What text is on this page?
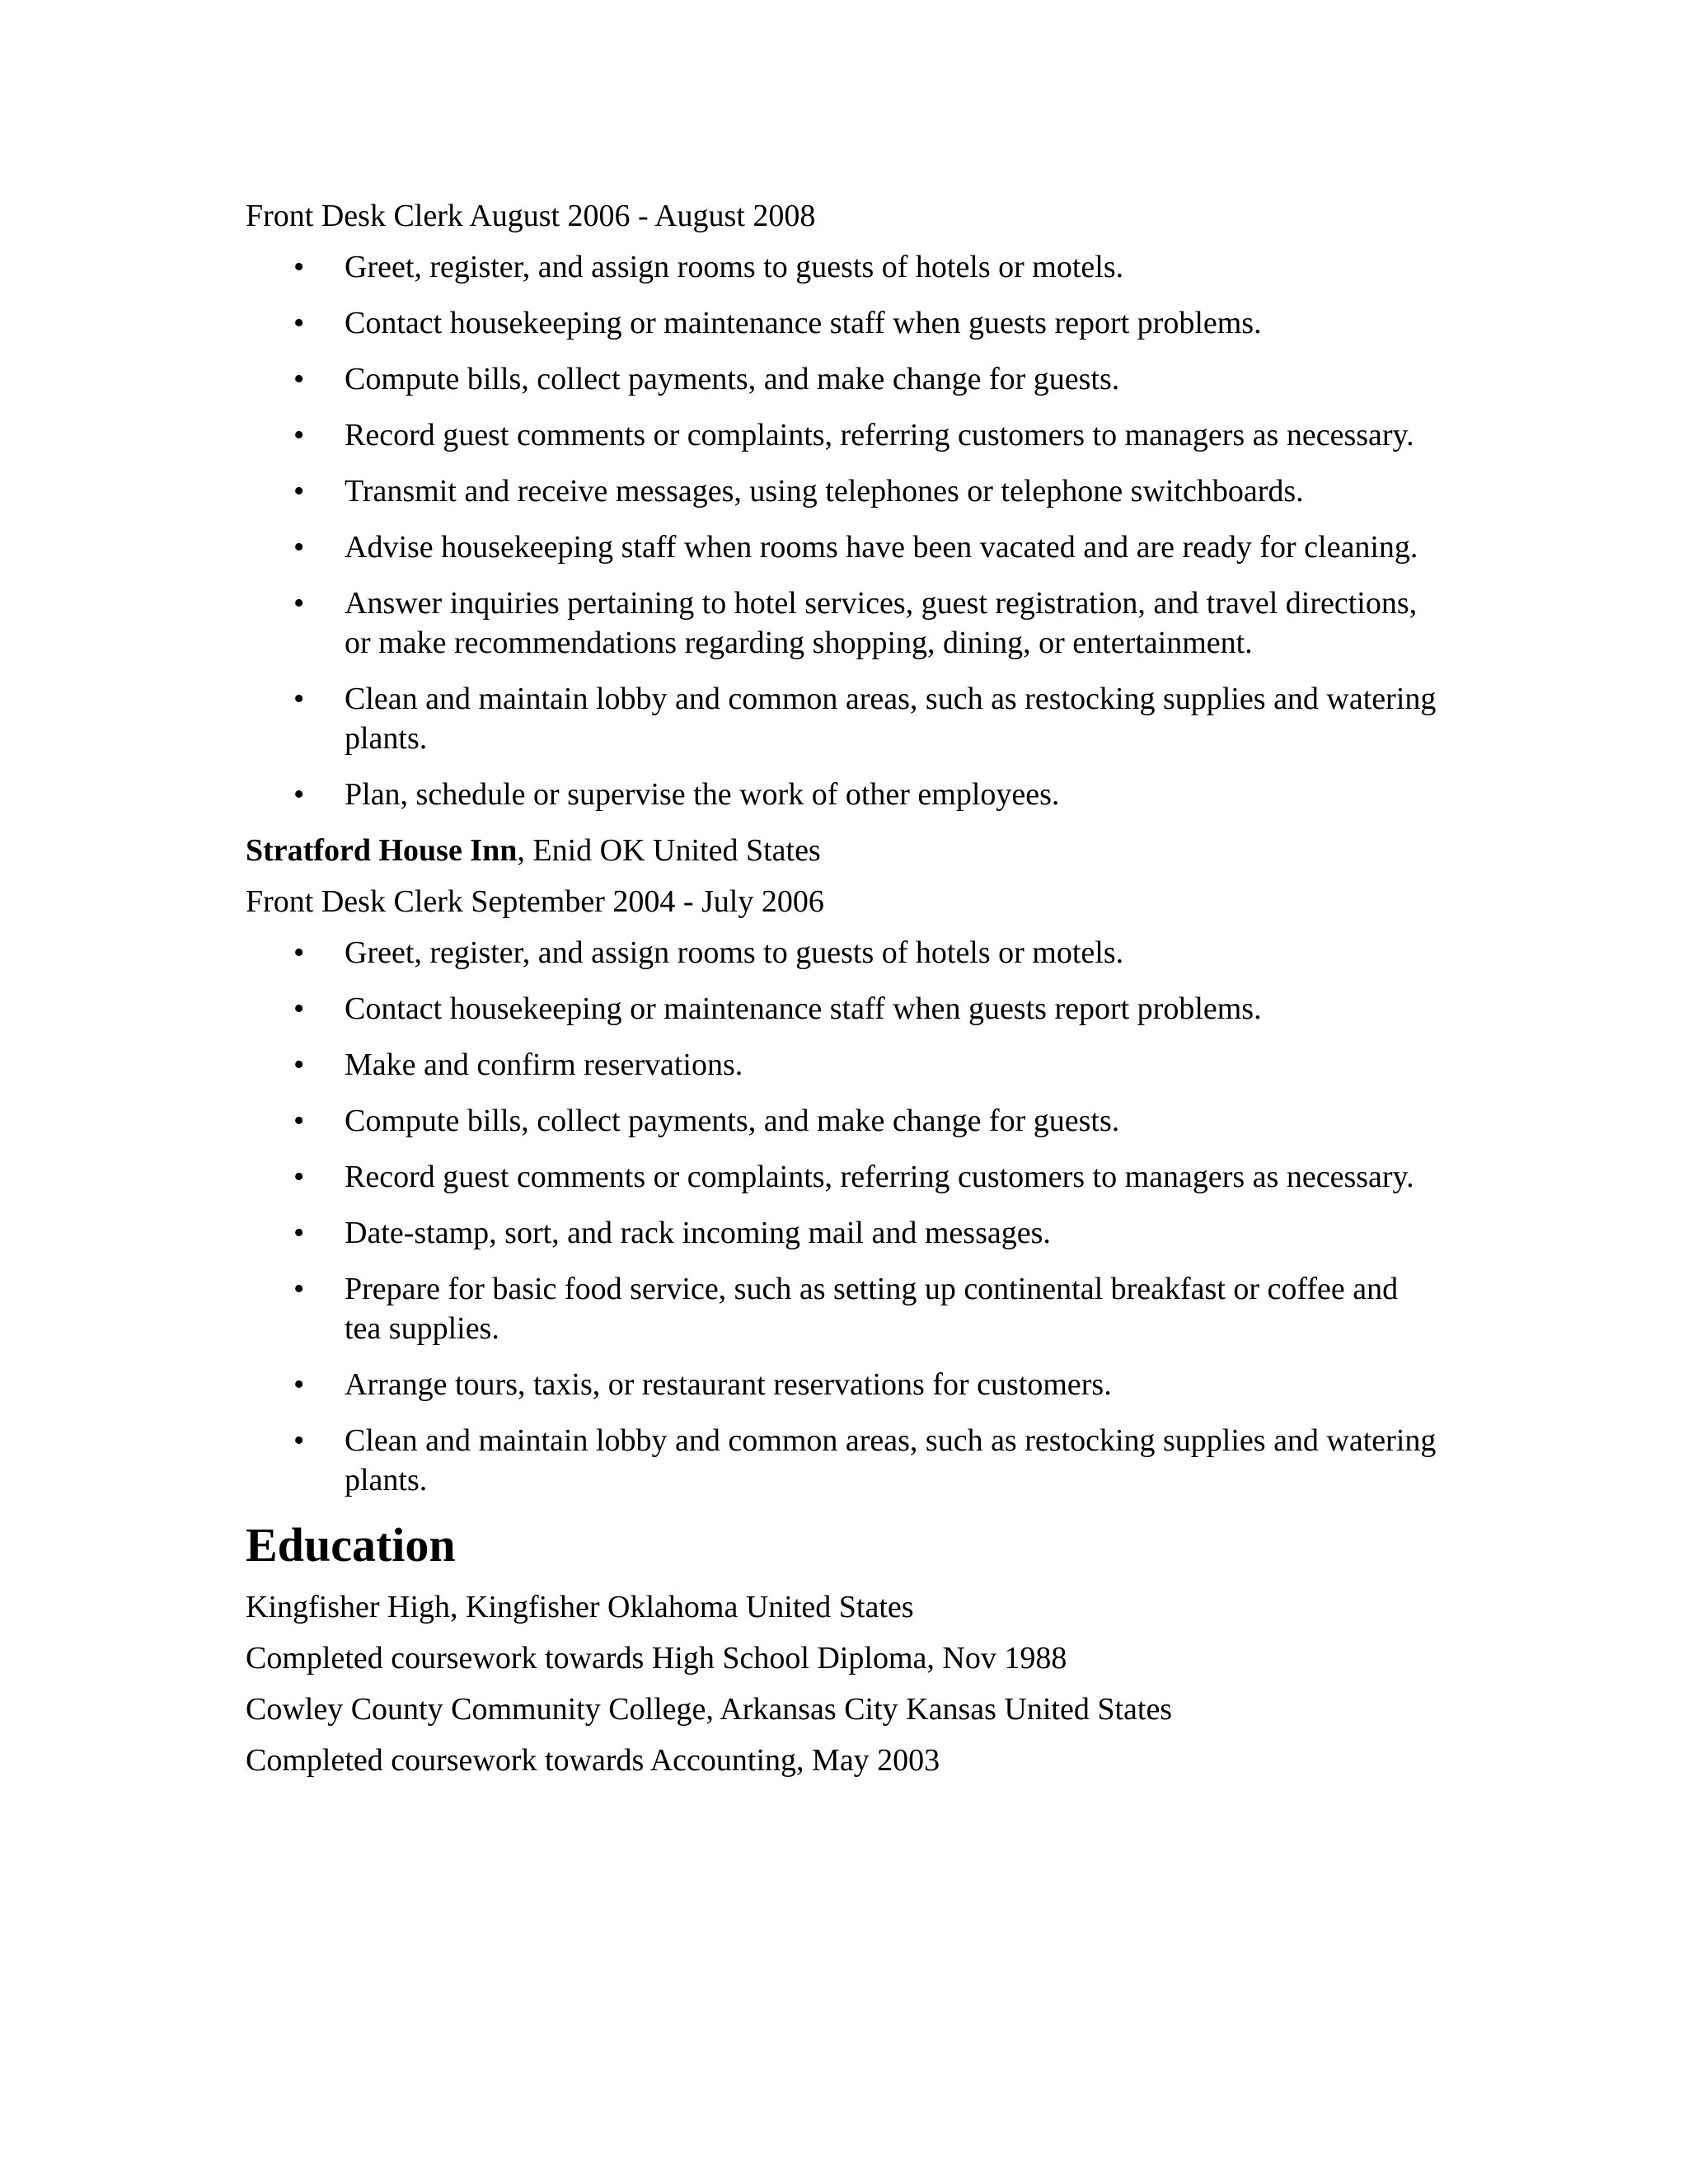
Front Desk Clerk August 2006 - August 2008
• Greet, register, and assign rooms to guests of hotels or motels.
• Contact housekeeping or maintenance staff when guests report problems.
• Compute bills, collect payments, and make change for guests.
• Record guest comments or complaints, referring customers to managers as necessary.
• Transmit and receive messages, using telephones or telephone switchboards.
• Advise housekeeping staff when rooms have been vacated and are ready for cleaning.
• Answer inquiries pertaining to hotel services, guest registration, and travel directions, or make recommendations regarding shopping, dining, or entertainment.
• Clean and maintain lobby and common areas, such as restocking supplies and watering plants.
• Plan, schedule or supervise the work of other employees.
Stratford House Inn, Enid OK United States
Front Desk Clerk September 2004 - July 2006
• Greet, register, and assign rooms to guests of hotels or motels.
• Contact housekeeping or maintenance staff when guests report problems.
• Make and confirm reservations.
• Compute bills, collect payments, and make change for guests.
• Record guest comments or complaints, referring customers to managers as necessary.
• Date-stamp, sort, and rack incoming mail and messages.
• Prepare for basic food service, such as setting up continental breakfast or coffee and tea supplies.
• Arrange tours, taxis, or restaurant reservations for customers.
• Clean and maintain lobby and common areas, such as restocking supplies and watering plants.
Education
Kingfisher High, Kingfisher Oklahoma United States
Completed coursework towards High School Diploma, Nov 1988
Cowley County Community College, Arkansas City Kansas United States
Completed coursework towards Accounting, May 2003
